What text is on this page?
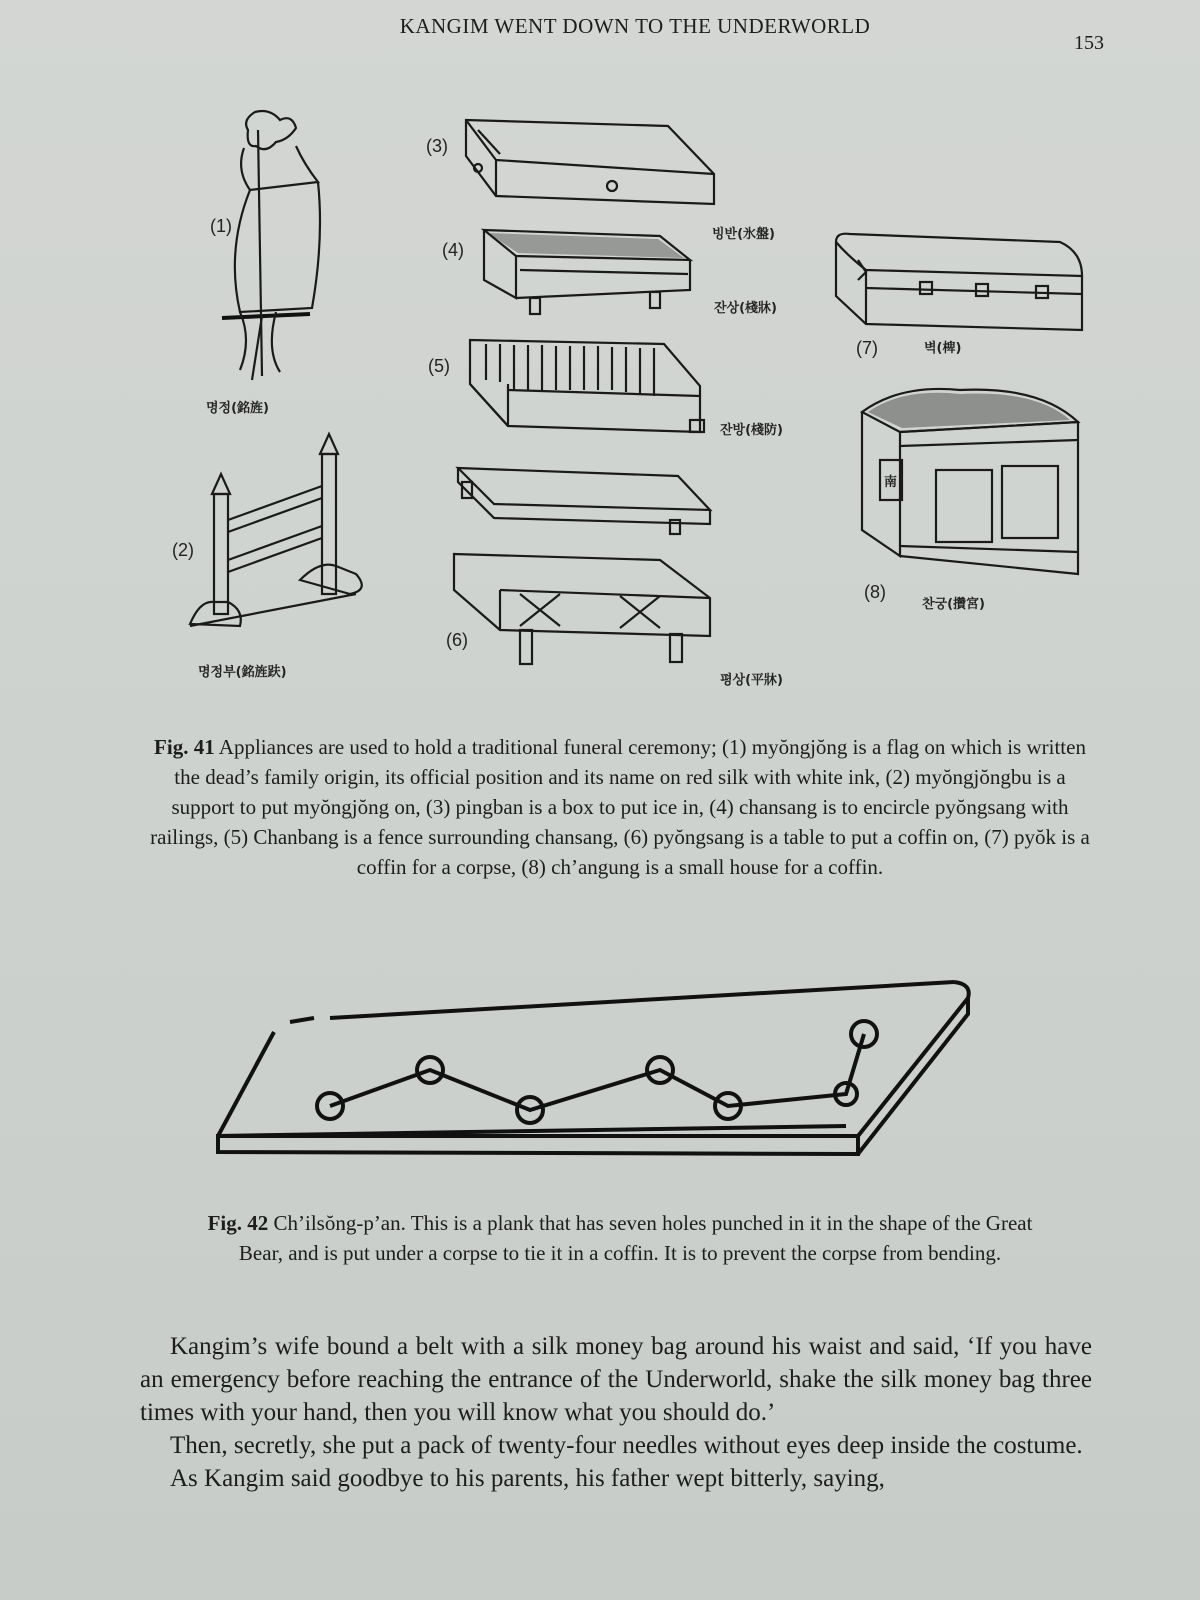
KANGIM WENT DOWN TO THE UNDERWORLD
153
(1)
명정(銘旌)
(2)
명정부(銘旌趺)
(3)
빙반(氷盤)
(4)
잔상(棧牀)
(5)
잔방(棧防)
(6)
평상(平牀)
(7)	벽(椑)
南
(8)
찬궁(攢宮)
Fig. 41 Appliances are used to hold a traditional funeral ceremony; (1) myŏngjŏng is a flag on which is written the dead’s family origin, its official position and its name on red silk with white ink, (2) myŏngjŏngbu is a support to put myŏngjŏng on, (3) pingban is a box to put ice in, (4) chansang is to encircle pyŏngsang with railings, (5) Chanbang is a fence surrounding chansang, (6) pyŏngsang is a table to put a coffin on, (7) pyŏk is a coffin for a corpse, (8) ch’angung is a small house for a coffin.
Fig. 42 Ch’ilsŏng-p’an. This is a plank that has seven holes punched in it in the shape of the Great Bear, and is put under a corpse to tie it in a coffin. It is to prevent the corpse from bending.

Kangim’s wife bound a belt with a silk money bag around his waist and said, ‘If you have an emergency before reaching the entrance of the Underworld, shake the silk money bag three times with your hand, then you will know what you should do.’

Then, secretly, she put a pack of twenty-four needles without eyes deep inside the costume.

As Kangim said goodbye to his parents, his father wept bitterly, saying,
